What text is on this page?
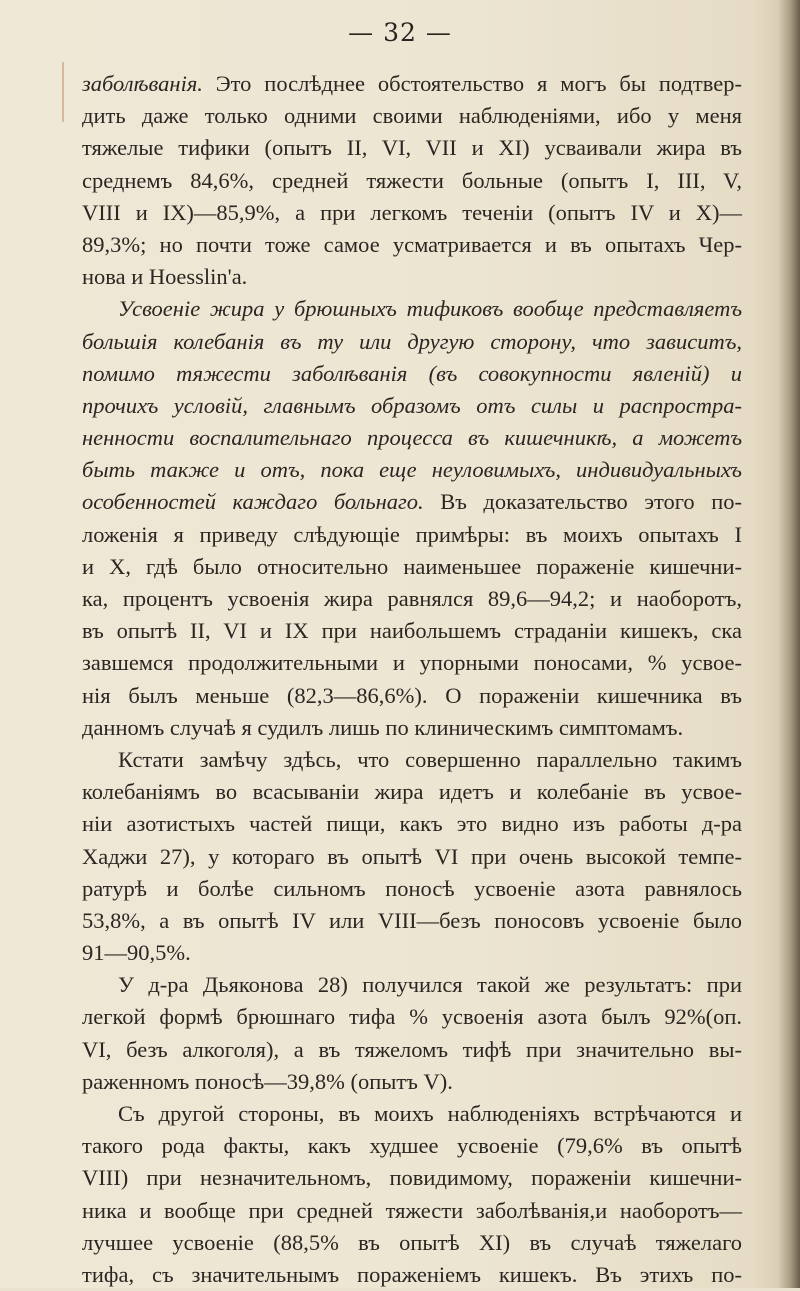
— 32 —
заболѣванія. Это послѣднее обстоятельство я могъ бы подтвер-
дить даже только одними своими наблюденіями, ибо у меня
тяжелые тифики (опытъ II, VI, VII и XI) усваивали жира въ
среднемъ 84,6%, средней тяжести больные (опытъ I, III, V,
VIII и IX)—85,9%, а при легкомъ теченіи (опытъ IV и X)—
89,3%; но почти тоже самое усматривается и въ опытахъ Чер-
нова и Hoesslin'а.
Усвоеніе жира у брюшныхъ тификовъ вообще представляетъ
большія колебанія въ ту или другую сторону, что зависитъ,
помимо тяжести заболѣванія (въ совокупности явленій) и
прочихъ условій, главнымъ образомъ отъ силы и распростра-
ненности воспалительнаго процесса въ кишечникѣ, а можетъ
быть также и отъ, пока еще неуловимыхъ, индивидуальныхъ
особенностей каждаго больнаго. Въ доказательство этого по-
ложенія я приведу слѣдующіе примѣры: въ моихъ опытахъ I
и X, гдѣ было относительно наименьшее пораженіе кишечни-
ка, процентъ усвоенія жира равнялся 89,6—94,2; и наоборотъ,
въ опытѣ II, VI и IX при наибольшемъ страданіи кишекъ, ска
завшемся продолжительными и упорными поносами, % усвое-
нія былъ меньше (82,3—86,6%). О пораженіи кишечника въ
данномъ случаѣ я судилъ лишь по клиническимъ симптомамъ.
Кстати замѣчу здѣсь, что совершенно параллельно такимъ
колебаніямъ во всасываніи жира идетъ и колебаніе въ усвое-
ніи азотистыхъ частей пищи, какъ это видно изъ работы д-ра
Хаджи 27), у котораго въ опытѣ VI при очень высокой темпе-
ратурѣ и болѣе сильномъ поносѣ усвоеніе азота равнялось
53,8%, а въ опытѣ IV или VIII—безъ поносовъ усвоеніе было
91—90,5%.
У д-ра Дьяконова 28) получился такой же результатъ: при
легкой формѣ брюшнаго тифа % усвоенія азота былъ 92%(оп.
VI, безъ алкоголя), а въ тяжеломъ тифѣ при значительно вы-
раженномъ поносѣ—39,8% (опытъ V).
Съ другой стороны, въ моихъ наблюденіяхъ встрѣчаются и
такого рода факты, какъ худшее усвоеніе (79,6% въ опытѣ
VIII) при незначительномъ, повидимому, пораженіи кишечни-
ника и вообще при средней тяжести заболѣванія,и наоборотъ—
лучшее усвоеніе (88,5% въ опытѣ XI) въ случаѣ тяжелаго
тифа, съ значительнымъ пораженіемъ кишекъ. Въ этихъ по-
